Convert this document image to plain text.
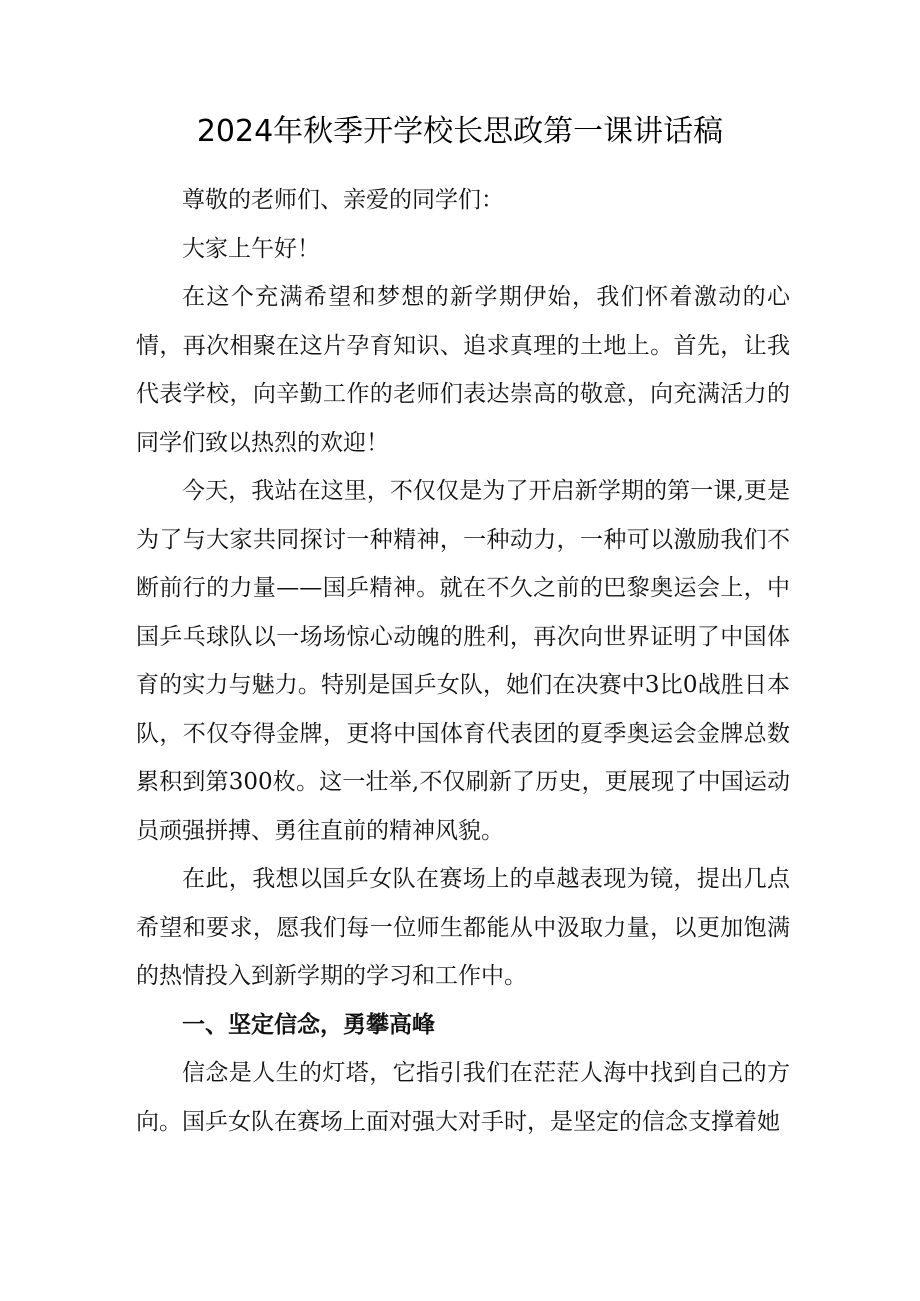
2024年秋季开学校长思政第一课讲话稿

尊敬的老师们、亲爱的同学们：

大家上午好！

在这个充满希望和梦想的新学期伊始，我们怀着激动的心情，再次相聚在这片孕育知识、追求真理的土地上。首先，让我代表学校，向辛勤工作的老师们表达崇高的敬意，向充满活力的同学们致以热烈的欢迎！

今天，我站在这里，不仅仅是为了开启新学期的第一课,更是为了与大家共同探讨一种精神，一种动力，一种可以激励我们不断前行的力量——国乒精神。就在不久之前的巴黎奥运会上，中国乒乓球队以一场场惊心动魄的胜利，再次向世界证明了中国体育的实力与魅力。特别是国乒女队，她们在决赛中3比0战胜日本队，不仅夺得金牌，更将中国体育代表团的夏季奥运会金牌总数累积到第300枚。这一壮举,不仅刷新了历史，更展现了中国运动员顽强拼搏、勇往直前的精神风貌。

在此，我想以国乒女队在赛场上的卓越表现为镜，提出几点希望和要求，愿我们每一位师生都能从中汲取力量，以更加饱满的热情投入到新学期的学习和工作中。

一、坚定信念，勇攀高峰

信念是人生的灯塔，它指引我们在茫茫人海中找到自己的方向。国乒女队在赛场上面对强大对手时，是坚定的信念支撑着她
